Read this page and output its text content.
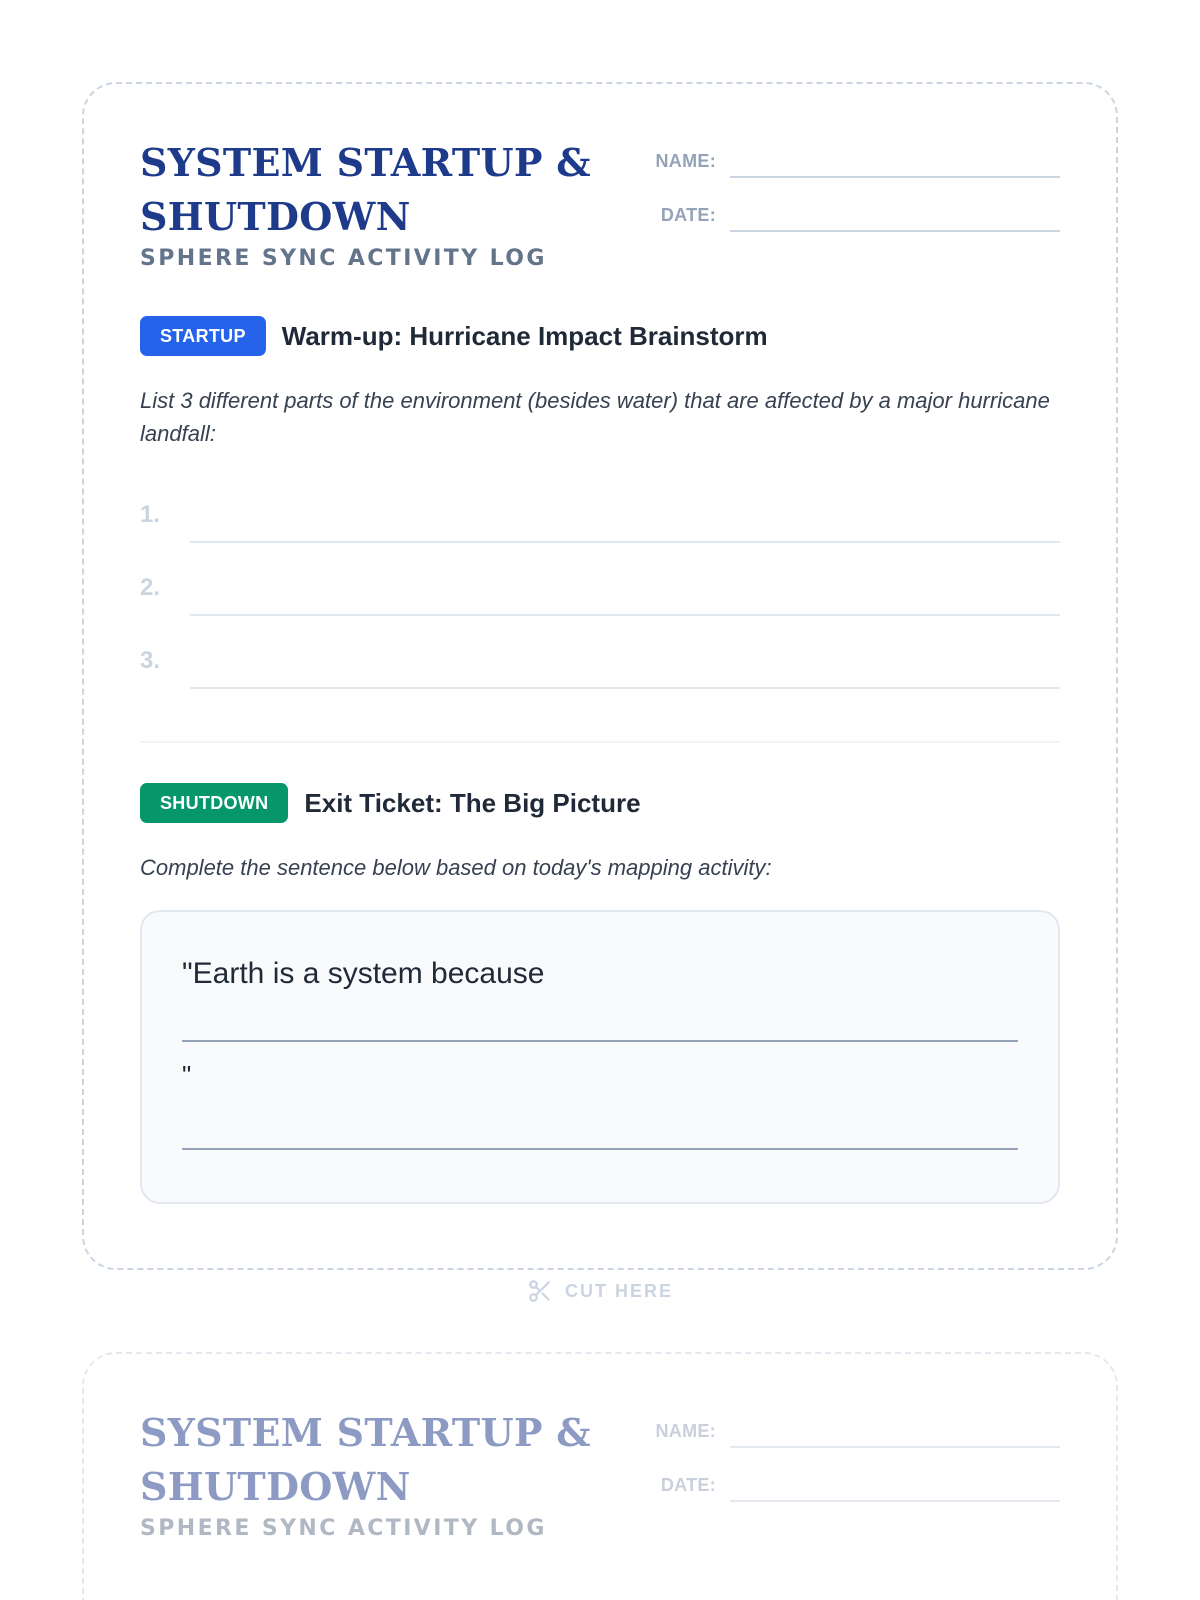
SYSTEM STARTUP & SHUTDOWN
SPHERE SYNC ACTIVITY LOG
NAME:
DATE:
STARTUP	Warm-up: Hurricane Impact Brainstorm
List 3 different parts of the environment (besides water) that are affected by a major hurricane landfall:
1.
2.
3.
SHUTDOWN	Exit Ticket: The Big Picture
Complete the sentence below based on today's mapping activity:
"Earth is a system because
"
CUT HERE
SYSTEM STARTUP & SHUTDOWN
SPHERE SYNC ACTIVITY LOG
NAME:
DATE:
